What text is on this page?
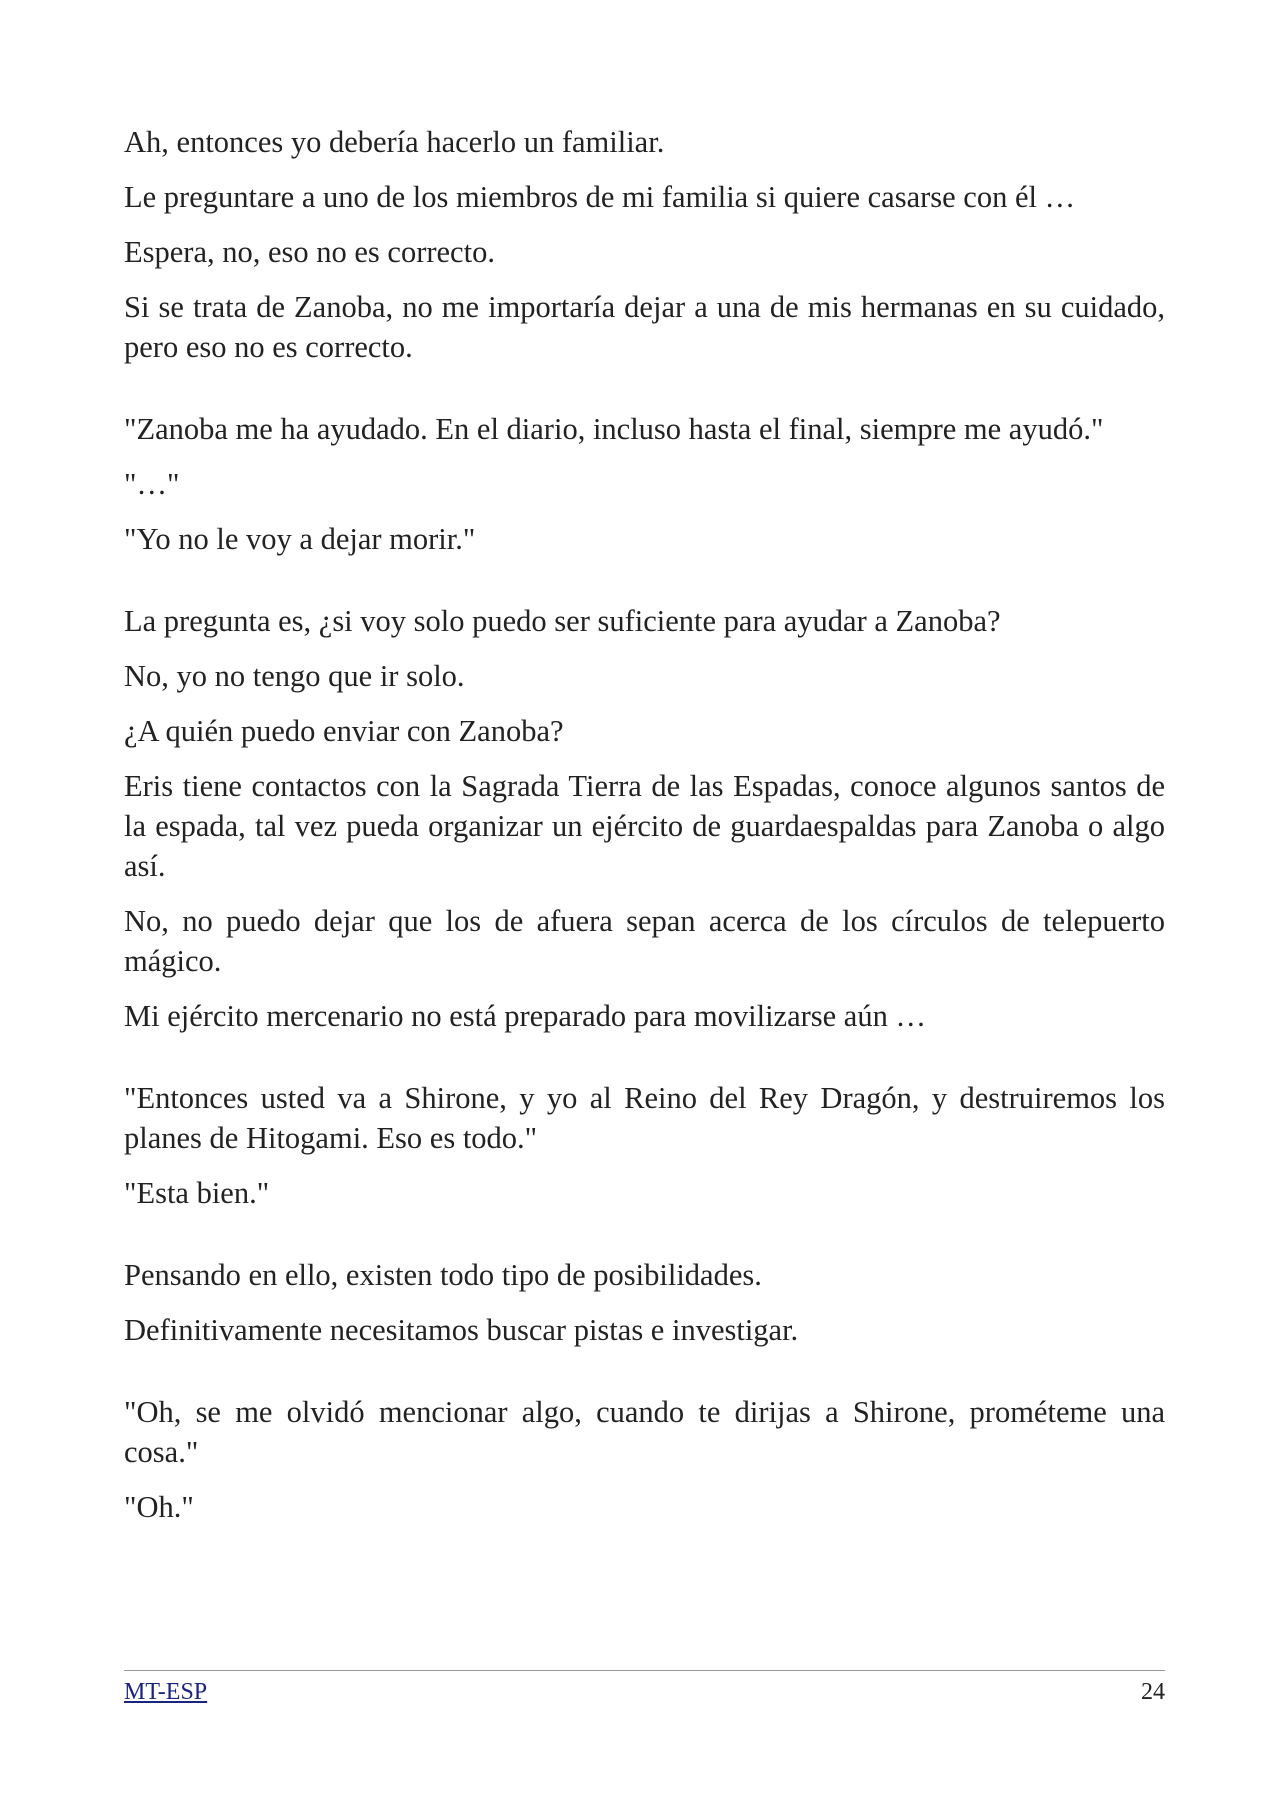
Ah, entonces yo debería hacerlo un familiar.

Le preguntare a uno de los miembros de mi familia si quiere casarse con él …

Espera, no, eso no es correcto.

Si se trata de Zanoba, no me importaría dejar a una de mis hermanas en su cuidado, pero eso no es correcto.

"Zanoba me ha ayudado. En el diario, incluso hasta el final, siempre me ayudó."

"…"

"Yo no le voy a dejar morir."

La pregunta es, ¿si voy solo puedo ser suficiente para ayudar a Zanoba?

No, yo no tengo que ir solo.

¿A quién puedo enviar con Zanoba?

Eris tiene contactos con la Sagrada Tierra de las Espadas, conoce algunos santos de la espada, tal vez pueda organizar un ejército de guardaespaldas para Zanoba o algo así.

No, no puedo dejar que los de afuera sepan acerca de los círculos de telepuerto mágico.

Mi ejército mercenario no está preparado para movilizarse aún …

"Entonces usted va a Shirone, y yo al Reino del Rey Dragón, y destruiremos los planes de Hitogami. Eso es todo."

"Esta bien."

Pensando en ello, existen todo tipo de posibilidades.

Definitivamente necesitamos buscar pistas e investigar.

"Oh, se me olvidó mencionar algo, cuando te dirijas a Shirone, prométeme una cosa."

"Oh."

MT-ESP	24
